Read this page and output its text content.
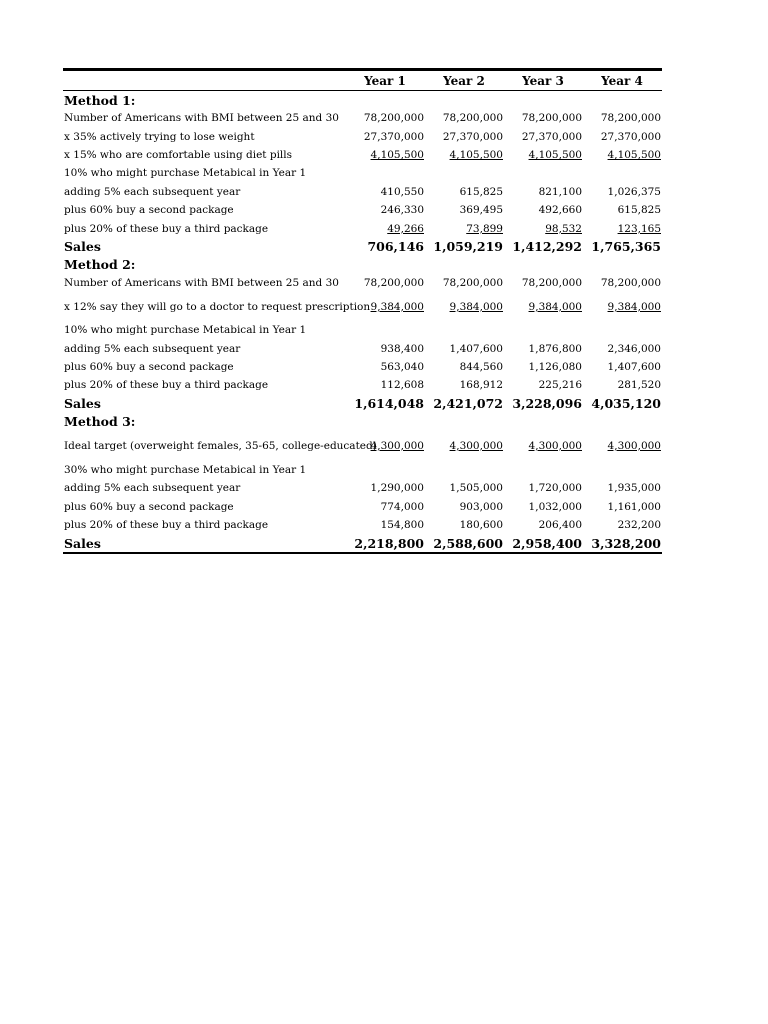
	Year 1	Year 2	Year 3	Year 4
Method 1:				
Number of Americans with BMI between 25 and 30	78,200,000	78,200,000	78,200,000	78,200,000
x 35% actively trying to lose weight	27,370,000	27,370,000	27,370,000	27,370,000
x 15% who are comfortable using diet pills	4,105,500	4,105,500	4,105,500	4,105,500
10% who might purchase Metabical in Year 1				
adding 5% each subsequent year	410,550	615,825	821,100	1,026,375
plus 60% buy a second package	246,330	369,495	492,660	615,825
plus 20% of these buy a third package	49,266	73,899	98,532	123,165
Sales	706,146	1,059,219	1,412,292	1,765,365
Method 2:				
Number of Americans with BMI between 25 and 30	78,200,000	78,200,000	78,200,000	78,200,000
x 12% say they will go to a doctor to request prescription	9,384,000	9,384,000	9,384,000	9,384,000
10% who might purchase Metabical in Year 1				
adding 5% each subsequent year	938,400	1,407,600	1,876,800	2,346,000
plus 60% buy a second package	563,040	844,560	1,126,080	1,407,600
plus 20% of these buy a third package	112,608	168,912	225,216	281,520
Sales	1,614,048	2,421,072	3,228,096	4,035,120
Method 3:				
Ideal target (overweight females, 35-65, college-educated)	4,300,000	4,300,000	4,300,000	4,300,000
30% who might purchase Metabical in Year 1				
adding 5% each subsequent year	1,290,000	1,505,000	1,720,000	1,935,000
plus 60% buy a second package	774,000	903,000	1,032,000	1,161,000
plus 20% of these buy a third package	154,800	180,600	206,400	232,200
Sales	2,218,800	2,588,600	2,958,400	3,328,200
